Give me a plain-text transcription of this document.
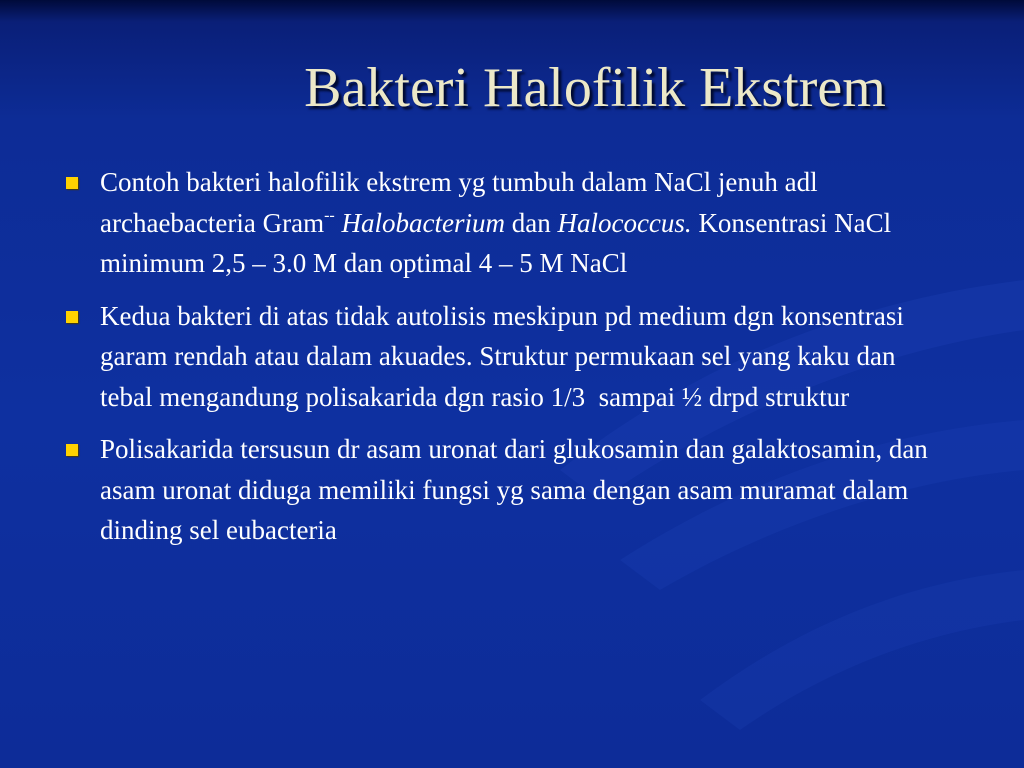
Bakteri Halofilik Ekstrem
Contoh bakteri halofilik ekstrem yg tumbuh dalam NaCl jenuh adl archaebacteria Gram-- Halobacterium dan Halococcus. Konsentrasi NaCl minimum 2,5 – 3.0 M dan optimal 4 – 5 M NaCl
Kedua bakteri di atas tidak autolisis meskipun pd medium dgn konsentrasi garam rendah atau dalam akuades. Struktur permukaan sel yang kaku dan tebal mengandung polisakarida dgn rasio 1/3  sampai ½ drpd struktur
Polisakarida tersusun dr asam uronat dari glukosamin dan galaktosamin, dan asam uronat diduga memiliki fungsi yg sama dengan asam muramat dalam dinding sel eubacteria
